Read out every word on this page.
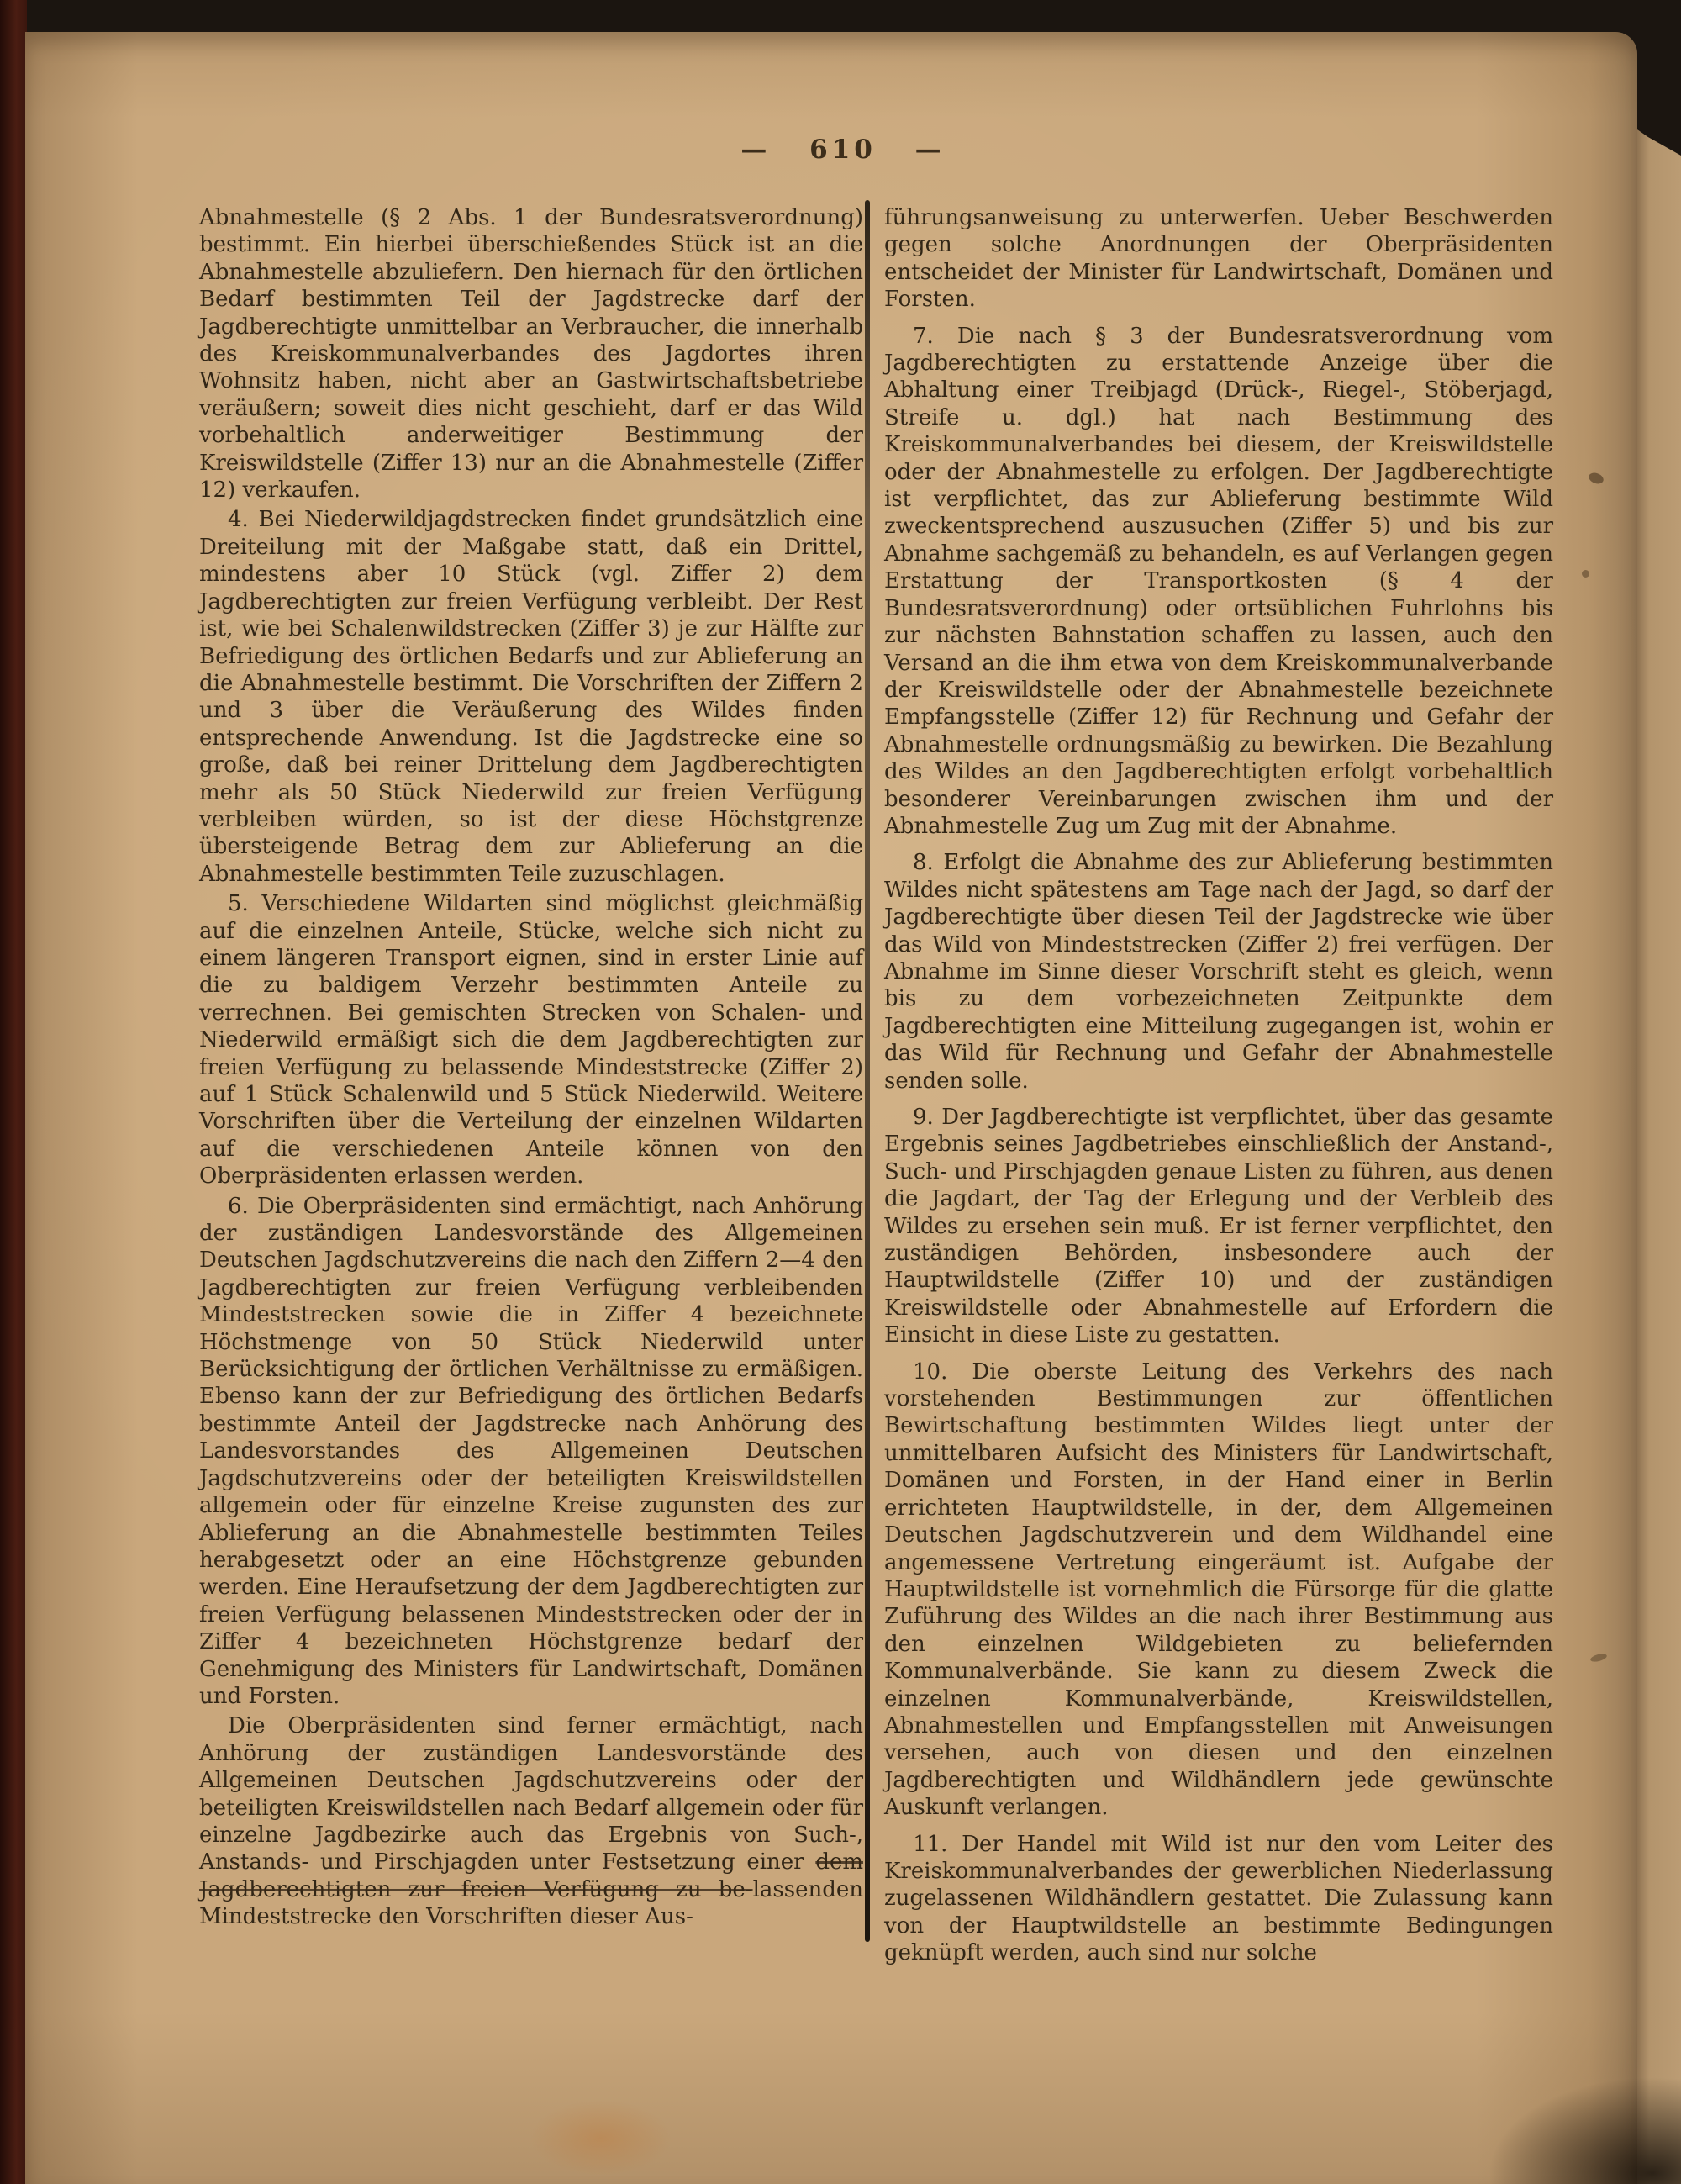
— 610 —

Abnahmestelle (§ 2 Abs. 1 der Bundesratsverordnung) bestimmt. Ein hierbei überschießendes Stück ist an die Abnahmestelle abzuliefern. Den hiernach für den örtlichen Bedarf bestimmten Teil der Jagdstrecke darf der Jagdberechtigte unmittelbar an Verbraucher, die innerhalb des Kreiskommunalverbandes des Jagdortes ihren Wohnsitz haben, nicht aber an Gastwirtschaftsbetriebe veräußern; soweit dies nicht geschieht, darf er das Wild vorbehaltlich anderweitiger Bestimmung der Kreiswildstelle (Ziffer 13) nur an die Abnahmestelle (Ziffer 12) verkaufen.

4. Bei Niederwildjagdstrecken findet grundsätzlich eine Dreiteilung mit der Maßgabe statt, daß ein Drittel, mindestens aber 10 Stück (vgl. Ziffer 2) dem Jagdberechtigten zur freien Verfügung verbleibt. Der Rest ist, wie bei Schalenwildstrecken (Ziffer 3) je zur Hälfte zur Befriedigung des örtlichen Bedarfs und zur Ablieferung an die Abnahmestelle bestimmt. Die Vorschriften der Ziffern 2 und 3 über die Veräußerung des Wildes finden entsprechende Anwendung. Ist die Jagdstrecke eine so große, daß bei reiner Drittelung dem Jagdberechtigten mehr als 50 Stück Niederwild zur freien Verfügung verbleiben würden, so ist der diese Höchstgrenze übersteigende Betrag dem zur Ablieferung an die Abnahmestelle bestimmten Teile zuzuschlagen.

5. Verschiedene Wildarten sind möglichst gleichmäßig auf die einzelnen Anteile, Stücke, welche sich nicht zu einem längeren Transport eignen, sind in erster Linie auf die zu baldigem Verzehr bestimmten Anteile zu verrechnen. Bei gemischten Strecken von Schalen- und Niederwild ermäßigt sich die dem Jagdberechtigten zur freien Verfügung zu belassende Mindeststrecke (Ziffer 2) auf 1 Stück Schalenwild und 5 Stück Niederwild. Weitere Vorschriften über die Verteilung der einzelnen Wildarten auf die verschiedenen Anteile können von den Oberpräsidenten erlassen werden.

6. Die Oberpräsidenten sind ermächtigt, nach Anhörung der zuständigen Landesvorstände des Allgemeinen Deutschen Jagdschutzvereins die nach den Ziffern 2—4 den Jagdberechtigten zur freien Verfügung verbleibenden Mindeststrecken sowie die in Ziffer 4 bezeichnete Höchstmenge von 50 Stück Niederwild unter Berücksichtigung der örtlichen Verhältnisse zu ermäßigen. Ebenso kann der zur Befriedigung des örtlichen Bedarfs bestimmte Anteil der Jagdstrecke nach Anhörung des Landesvorstandes des Allgemeinen Deutschen Jagdschutzvereins oder der beteiligten Kreiswildstellen allgemein oder für einzelne Kreise zugunsten des zur Ablieferung an die Abnahmestelle bestimmten Teiles herabgesetzt oder an eine Höchstgrenze gebunden werden. Eine Heraufsetzung der dem Jagdberechtigten zur freien Verfügung belassenen Mindeststrecken oder der in Ziffer 4 bezeichneten Höchstgrenze bedarf der Genehmigung des Ministers für Landwirtschaft, Domänen und Forsten.

Die Oberpräsidenten sind ferner ermächtigt, nach Anhörung der zuständigen Landesvorstände des Allgemeinen Deutschen Jagdschutzvereins oder der beteiligten Kreiswildstellen nach Bedarf allgemein oder für einzelne Jagdbezirke auch das Ergebnis von Such-, Anstands- und Pirschjagden unter Festsetzung einer dem Jagdberechtigten zur freien Verfügung zu be-lassenden Mindeststrecke den Vorschriften dieser Aus-

führungsanweisung zu unterwerfen. Ueber Beschwerden gegen solche Anordnungen der Oberpräsidenten entscheidet der Minister für Landwirtschaft, Domänen und Forsten.

7. Die nach § 3 der Bundesratsverordnung vom Jagdberechtigten zu erstattende Anzeige über die Abhaltung einer Treibjagd (Drück-, Riegel-, Stöberjagd, Streife u. dgl.) hat nach Bestimmung des Kreiskommunalverbandes bei diesem, der Kreiswildstelle oder der Abnahmestelle zu erfolgen. Der Jagdberechtigte ist verpflichtet, das zur Ablieferung bestimmte Wild zweckentsprechend auszusuchen (Ziffer 5) und bis zur Abnahme sachgemäß zu behandeln, es auf Verlangen gegen Erstattung der Transportkosten (§ 4 der Bundesratsverordnung) oder ortsüblichen Fuhrlohns bis zur nächsten Bahnstation schaffen zu lassen, auch den Versand an die ihm etwa von dem Kreiskommunalverbande der Kreiswildstelle oder der Abnahmestelle bezeichnete Empfangsstelle (Ziffer 12) für Rechnung und Gefahr der Abnahmestelle ordnungsmäßig zu bewirken. Die Bezahlung des Wildes an den Jagdberechtigten erfolgt vorbehaltlich besonderer Vereinbarungen zwischen ihm und der Abnahmestelle Zug um Zug mit der Abnahme.

8. Erfolgt die Abnahme des zur Ablieferung bestimmten Wildes nicht spätestens am Tage nach der Jagd, so darf der Jagdberechtigte über diesen Teil der Jagdstrecke wie über das Wild von Mindeststrecken (Ziffer 2) frei verfügen. Der Abnahme im Sinne dieser Vorschrift steht es gleich, wenn bis zu dem vorbezeichneten Zeitpunkte dem Jagdberechtigten eine Mitteilung zugegangen ist, wohin er das Wild für Rechnung und Gefahr der Abnahmestelle senden solle.

9. Der Jagdberechtigte ist verpflichtet, über das gesamte Ergebnis seines Jagdbetriebes einschließlich der Anstand-, Such- und Pirschjagden genaue Listen zu führen, aus denen die Jagdart, der Tag der Erlegung und der Verbleib des Wildes zu ersehen sein muß. Er ist ferner verpflichtet, den zuständigen Behörden, insbesondere auch der Hauptwildstelle (Ziffer 10) und der zuständigen Kreiswildstelle oder Abnahmestelle auf Erfordern die Einsicht in diese Liste zu gestatten.

10. Die oberste Leitung des Verkehrs des nach vorstehenden Bestimmungen zur öffentlichen Bewirtschaftung bestimmten Wildes liegt unter der unmittelbaren Aufsicht des Ministers für Landwirtschaft, Domänen und Forsten, in der Hand einer in Berlin errichteten Hauptwildstelle, in der, dem Allgemeinen Deutschen Jagdschutzverein und dem Wildhandel eine angemessene Vertretung eingeräumt ist. Aufgabe der Hauptwildstelle ist vornehmlich die Fürsorge für die glatte Zuführung des Wildes an die nach ihrer Bestimmung aus den einzelnen Wildgebieten zu beliefernden Kommunalverbände. Sie kann zu diesem Zweck die einzelnen Kommunalverbände, Kreiswildstellen, Abnahmestellen und Empfangsstellen mit Anweisungen versehen, auch von diesen und den einzelnen Jagdberechtigten und Wildhändlern jede gewünschte Auskunft verlangen.

11. Der Handel mit Wild ist nur den vom Leiter des Kreiskommunalverbandes der gewerblichen Niederlassung zugelassenen Wildhändlern gestattet. Die Zulassung kann von der Hauptwildstelle an bestimmte Bedingungen geknüpft werden, auch sind nur solche
